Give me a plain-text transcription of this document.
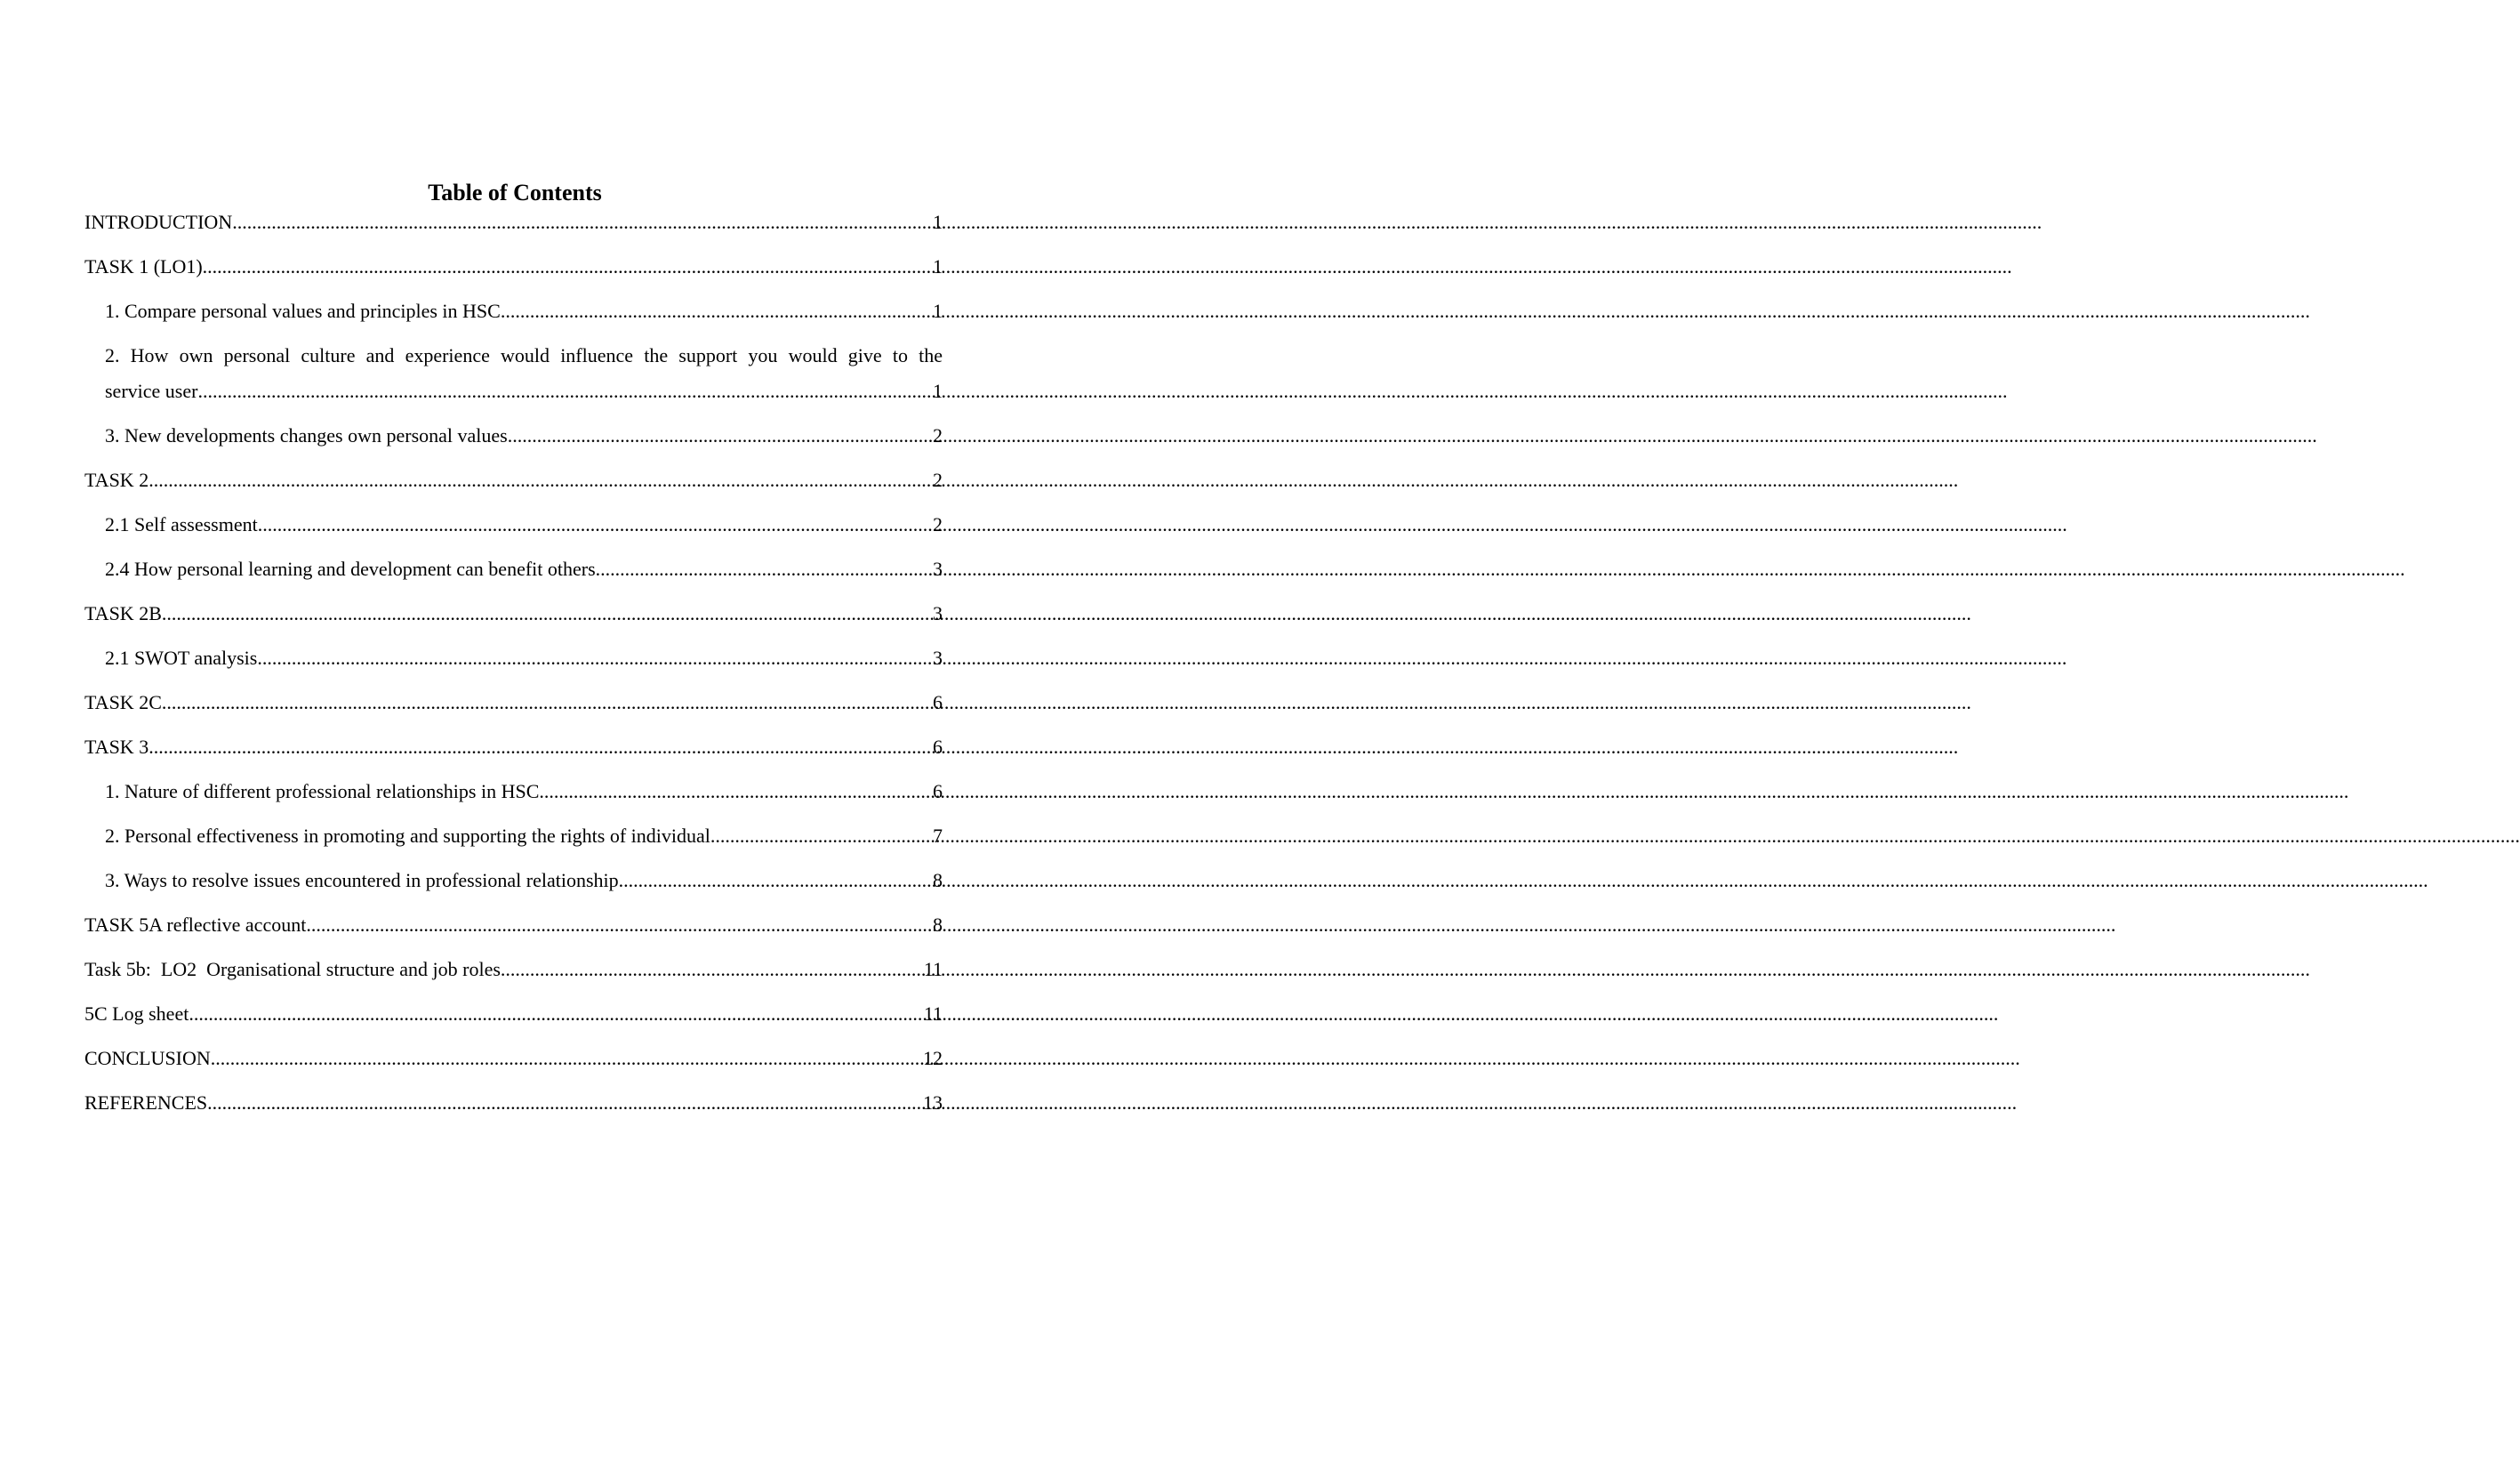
Table of Contents
INTRODUCTION .....	1
TASK 1 (LO1) .....	1
1. Compare personal values and principles in HSC .....	1
2. How own personal culture and experience would influence the support you would give to the
service user .....	1
3. New developments changes own personal values .....	2
TASK 2 .....	2
2.1 Self assessment .....	2
2.4 How personal learning and development can benefit others .....	3
TASK 2B .....	3
2.1 SWOT analysis .....	3
TASK 2C .....	6
TASK 3 .....	6
1. Nature of different professional relationships in HSC .....	6
2. Personal effectiveness in promoting and supporting the rights of individual .....	7
3. Ways to resolve issues encountered in professional relationship .....	8
TASK 5A reflective account .....	8
Task 5b:  LO2  Organisational structure and job roles .....	11
5C Log sheet .....	11
CONCLUSION .....	12
REFERENCES .....	13
